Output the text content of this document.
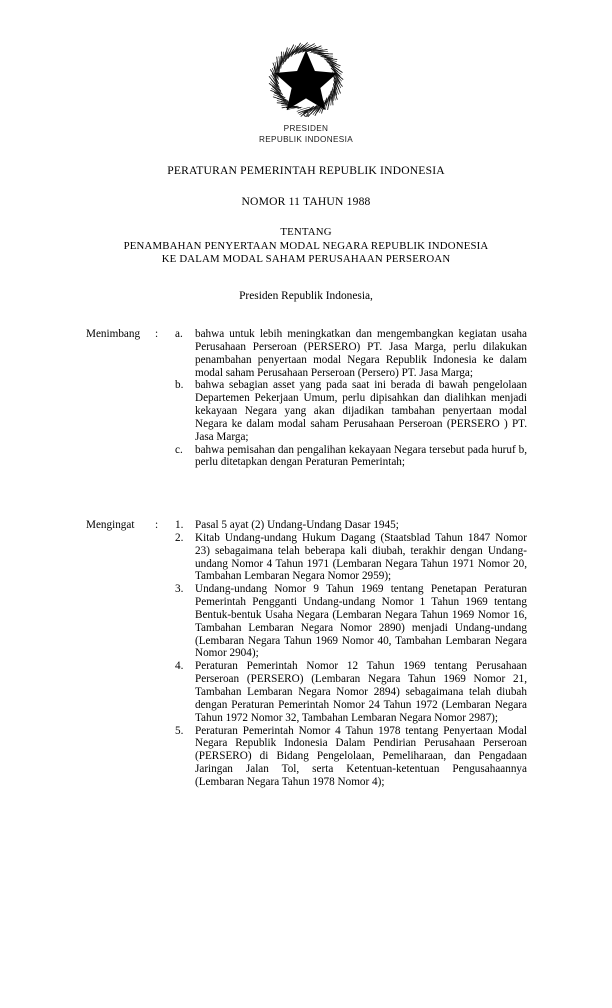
PRESIDEN
REPUBLIK INDONESIA
PERATURAN PEMERINTAH REPUBLIK INDONESIA
NOMOR 11 TAHUN 1988
TENTANG
PENAMBAHAN PENYERTAAN MODAL NEGARA REPUBLIK INDONESIA
KE DALAM MODAL SAHAM PERUSAHAAN PERSEROAN
Presiden Republik Indonesia,
Menimbang	:	a.	bahwa untuk lebih meningkatkan dan mengembangkan kegiatan usaha Perusahaan Perseroan (PERSERO) PT. Jasa Marga, perlu dilakukan penambahan penyertaan modal Negara Republik Indonesia ke dalam modal saham Perusahaan Perseroan (Persero) PT. Jasa Marga;
b.	bahwa sebagian asset yang pada saat ini berada di bawah pengelolaan Departemen Pekerjaan Umum, perlu dipisahkan dan dialihkan menjadi kekayaan Negara yang akan dijadikan tambahan penyertaan modal Negara ke dalam modal saham Perusahaan Perseroan (PERSERO ) PT. Jasa Marga;
c.	bahwa pemisahan dan pengalihan kekayaan Negara tersebut pada huruf b, perlu ditetapkan dengan Peraturan Pemerintah;
Mengingat	:	1.	Pasal 5 ayat (2) Undang-Undang Dasar 1945;
2.	Kitab Undang-undang Hukum Dagang (Staatsblad Tahun 1847 Nomor 23) sebagaimana telah beberapa kali diubah, terakhir dengan Undang-undang Nomor 4 Tahun 1971 (Lembaran Negara Tahun 1971 Nomor 20, Tambahan Lembaran Negara Nomor 2959);
3.	Undang-undang Nomor 9 Tahun 1969 tentang Penetapan Peraturan Pemerintah Pengganti Undang-undang Nomor 1 Tahun 1969 tentang Bentuk-bentuk Usaha Negara (Lembaran Negara Tahun 1969 Nomor 16, Tambahan Lembaran Negara Nomor 2890) menjadi Undang-undang (Lembaran Negara Tahun 1969 Nomor 40, Tambahan Lembaran Negara Nomor 2904);
4.	Peraturan Pemerintah Nomor 12 Tahun 1969 tentang Perusahaan Perseroan (PERSERO) (Lembaran Negara Tahun 1969 Nomor 21, Tambahan Lembaran Negara Nomor 2894) sebagaimana telah diubah dengan Peraturan Pemerintah Nomor 24 Tahun 1972 (Lembaran Negara Tahun 1972 Nomor 32, Tambahan Lembaran Negara Nomor 2987);
5.	Peraturan Pemerintah Nomor 4 Tahun 1978 tentang Penyertaan Modal Negara Republik Indonesia Dalam Pendirian Perusahaan Perseroan (PERSERO) di Bidang Pengelolaan, Pemeliharaan, dan Pengadaan Jaringan Jalan Tol, serta Ketentuan-ketentuan Pengusahaannya (Lembaran Negara Tahun 1978 Nomor 4);
